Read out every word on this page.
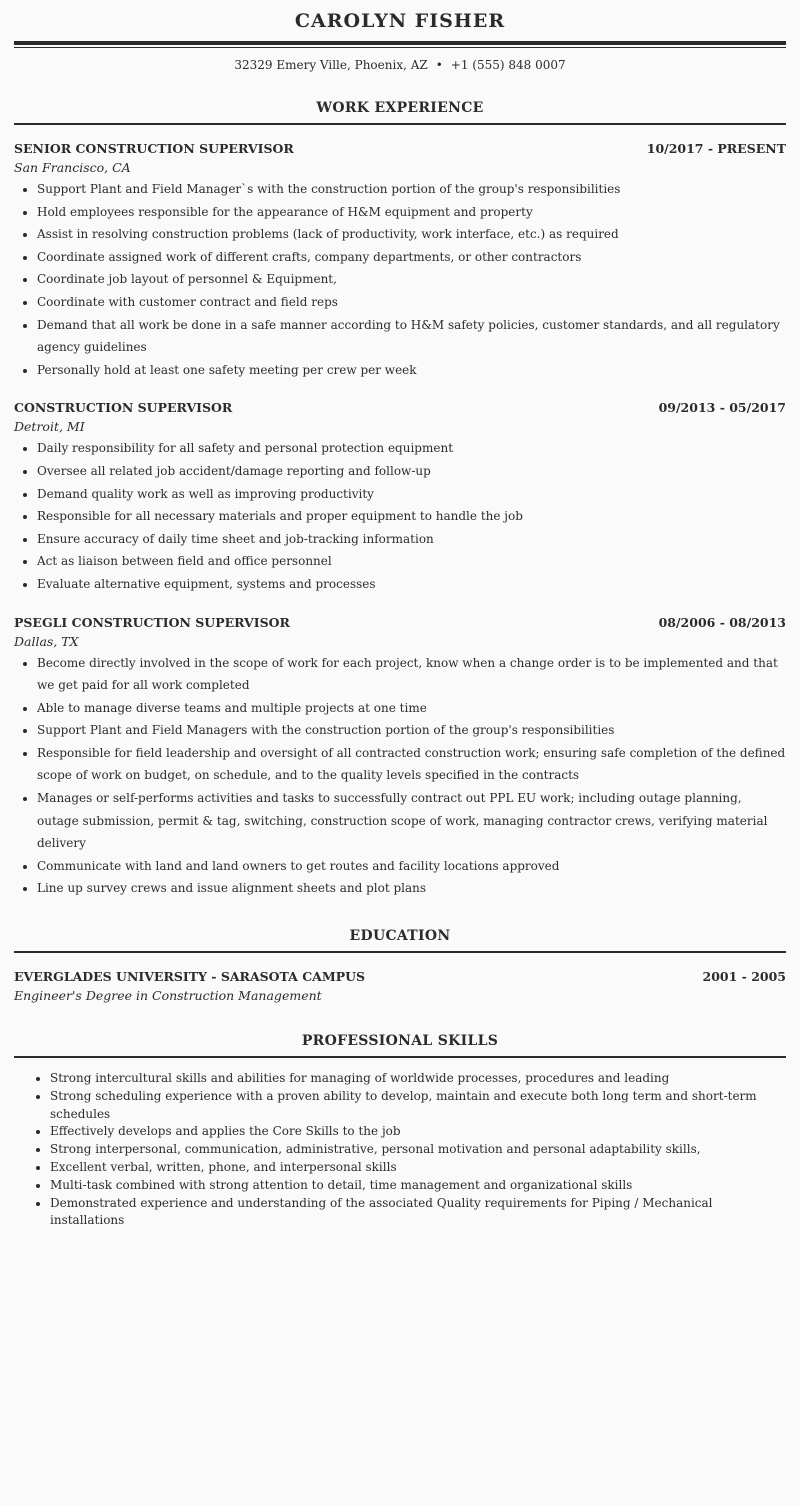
CAROLYN FISHER
32329 Emery Ville, Phoenix, AZ • +1 (555) 848 0007
WORK EXPERIENCE
SENIOR CONSTRUCTION SUPERVISOR	10/2017 - PRESENT
San Francisco, CA
• Support Plant and Field Manager`s with the construction portion of the group's responsibilities
• Hold employees responsible for the appearance of H&M equipment and property
• Assist in resolving construction problems (lack of productivity, work interface, etc.) as required
• Coordinate assigned work of different crafts, company departments, or other contractors
• Coordinate job layout of personnel & Equipment,
• Coordinate with customer contract and field reps
• Demand that all work be done in a safe manner according to H&M safety policies, customer standards, and all regulatory agency guidelines
• Personally hold at least one safety meeting per crew per week
CONSTRUCTION SUPERVISOR	09/2013 - 05/2017
Detroit, MI
• Daily responsibility for all safety and personal protection equipment
• Oversee all related job accident/damage reporting and follow-up
• Demand quality work as well as improving productivity
• Responsible for all necessary materials and proper equipment to handle the job
• Ensure accuracy of daily time sheet and job-tracking information
• Act as liaison between field and office personnel
• Evaluate alternative equipment, systems and processes
PSEGLI CONSTRUCTION SUPERVISOR	08/2006 - 08/2013
Dallas, TX
• Become directly involved in the scope of work for each project, know when a change order is to be implemented and that we get paid for all work completed
• Able to manage diverse teams and multiple projects at one time
• Support Plant and Field Managers with the construction portion of the group's responsibilities
• Responsible for field leadership and oversight of all contracted construction work; ensuring safe completion of the defined scope of work on budget, on schedule, and to the quality levels specified in the contracts
• Manages or self-performs activities and tasks to successfully contract out PPL EU work; including outage planning, outage submission, permit & tag, switching, construction scope of work, managing contractor crews, verifying material delivery
• Communicate with land and land owners to get routes and facility locations approved
• Line up survey crews and issue alignment sheets and plot plans
EDUCATION
EVERGLADES UNIVERSITY - SARASOTA CAMPUS	2001 - 2005
Engineer's Degree in Construction Management
PROFESSIONAL SKILLS
• Strong intercultural skills and abilities for managing of worldwide processes, procedures and leading
• Strong scheduling experience with a proven ability to develop, maintain and execute both long term and short-term schedules
• Effectively develops and applies the Core Skills to the job
• Strong interpersonal, communication, administrative, personal motivation and personal adaptability skills,
• Excellent verbal, written, phone, and interpersonal skills
• Multi-task combined with strong attention to detail, time management and organizational skills
• Demonstrated experience and understanding of the associated Quality requirements for Piping / Mechanical installations
